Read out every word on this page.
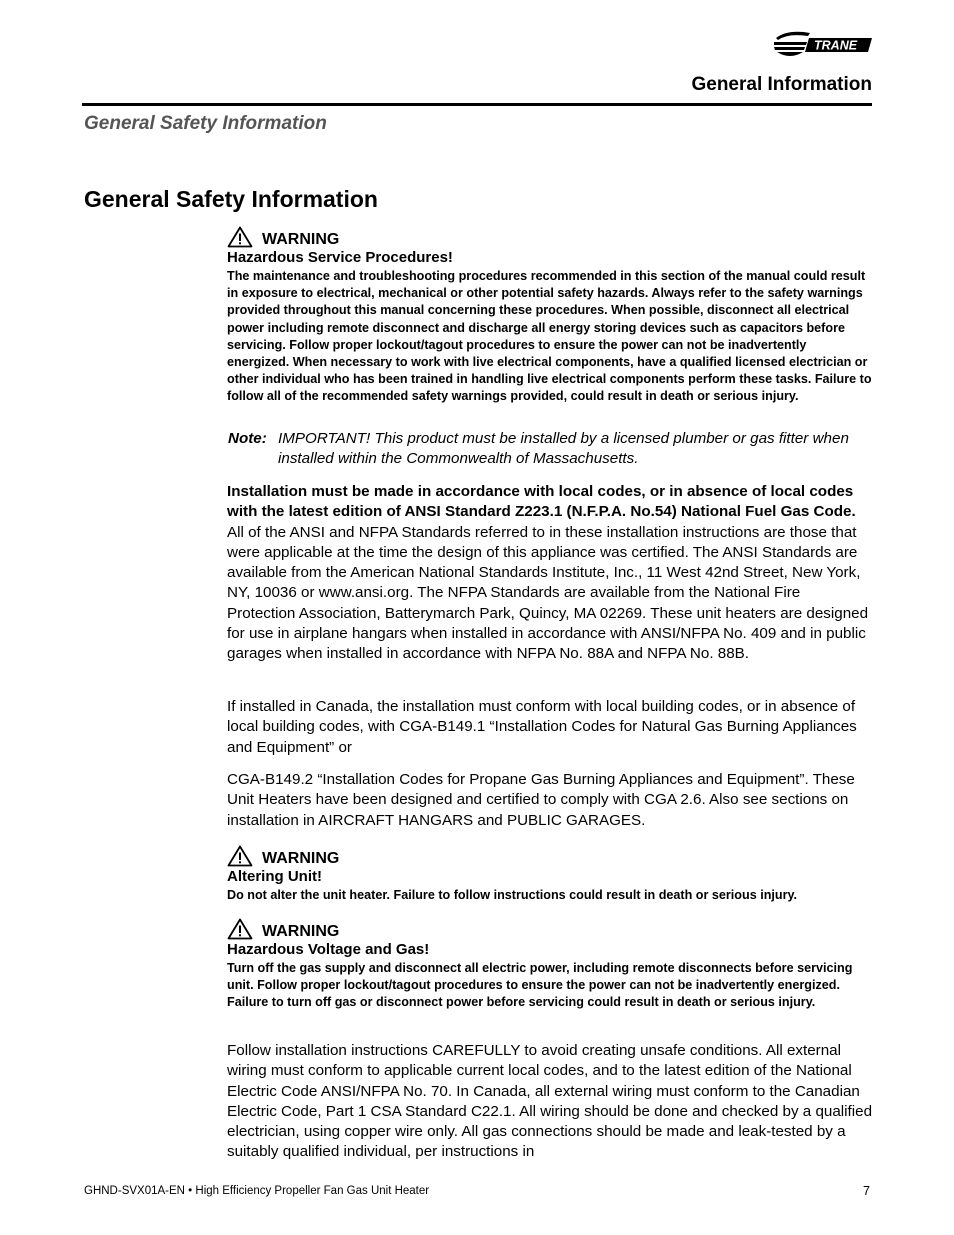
TRANE
General Information
General Safety Information
General Safety Information
WARNING
Hazardous Service Procedures!
The maintenance and troubleshooting procedures recommended in this section of the manual could result in exposure to electrical, mechanical or other potential safety hazards. Always refer to the safety warnings provided throughout this manual concerning these procedures. When possible, disconnect all electrical power including remote disconnect and discharge all energy storing devices such as capacitors before servicing. Follow proper lockout/tagout procedures to ensure the power can not be inadvertently energized. When necessary to work with live electrical components, have a qualified licensed electrician or other individual who has been trained in handling live electrical components perform these tasks. Failure to follow all of the recommended safety warnings provided, could result in death or serious injury.
Note: IMPORTANT! This product must be installed by a licensed plumber or gas fitter when installed within the Commonwealth of Massachusetts.
Installation must be made in accordance with local codes, or in absence of local codes with the latest edition of ANSI Standard Z223.1 (N.F.P.A. No.54) National Fuel Gas Code. All of the ANSI and NFPA Standards referred to in these installation instructions are those that were applicable at the time the design of this appliance was certified. The ANSI Standards are available from the American National Standards Institute, Inc., 11 West 42nd Street, New York, NY, 10036 or www.ansi.org. The NFPA Standards are available from the National Fire Protection Association, Batterymarch Park, Quincy, MA 02269. These unit heaters are designed for use in airplane hangars when installed in accordance with ANSI/NFPA No. 409 and in public garages when installed in accordance with NFPA No. 88A and NFPA No. 88B.
If installed in Canada, the installation must conform with local building codes, or in absence of local building codes, with CGA-B149.1 “Installation Codes for Natural Gas Burning Appliances and Equipment” or
CGA-B149.2 “Installation Codes for Propane Gas Burning Appliances and Equipment”. These Unit Heaters have been designed and certified to comply with CGA 2.6. Also see sections on installation in AIRCRAFT HANGARS and PUBLIC GARAGES.
WARNING
Altering Unit!
Do not alter the unit heater. Failure to follow instructions could result in death or serious injury.
WARNING
Hazardous Voltage and Gas!
Turn off the gas supply and disconnect all electric power, including remote disconnects before servicing unit. Follow proper lockout/tagout procedures to ensure the power can not be inadvertently energized. Failure to turn off gas or disconnect power before servicing could result in death or serious injury.
Follow installation instructions CAREFULLY to avoid creating unsafe conditions. All external wiring must conform to applicable current local codes, and to the latest edition of the National Electric Code ANSI/NFPA No. 70. In Canada, all external wiring must conform to the Canadian Electric Code, Part 1 CSA Standard C22.1. All wiring should be done and checked by a qualified electrician, using copper wire only. All gas connections should be made and leak-tested by a suitably qualified individual, per instructions in
GHND-SVX01A-EN • High Efficiency Propeller Fan Gas Unit Heater	7
